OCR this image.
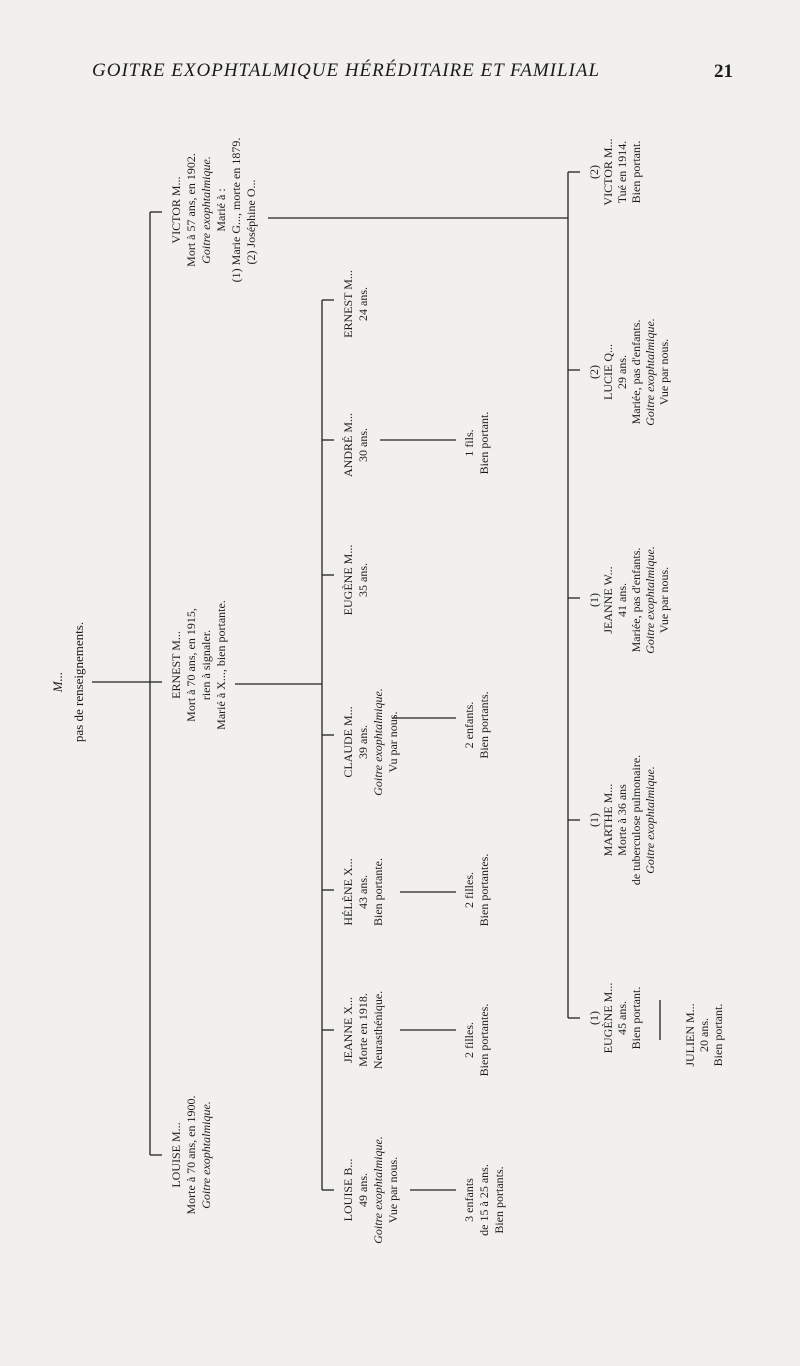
GOITRE EXOPHTALMIQUE HÉRÉDITAIRE ET FAMILIAL	21
M... pas de renseignements.
LOUISE M... Morte à 70 ans, en 1900. Goitre exophtalmique.
ERNEST M... Mort à 70 ans, en 1915, rien à signaler. Marié à X..., bien portante.
VICTOR M... Mort à 57 ans, en 1902. Goitre exophtalmique. Marié à : (1) Marie G..., morte en 1879. (2) Joséphine O...
LOUISE B... 49 ans. Goitre exophtalmique. Vue par nous.
JEANNE X... Morte en 1918. Neurasthénique.
HÉLÈNE X... 43 ans. Bien portante.
CLAUDE M... 39 ans. Goitre exophtalmique. Vu par nous.
EUGÈNE M... 35 ans.
ANDRÉ M... 30 ans.
ERNEST M... 24 ans.
3 enfants de 15 à 25 ans. Bien portants.
2 filles. Bien portantes.
2 filles. Bien portantes.
2 enfants. Bien portants.
1 fils. Bien portant.
(1) EUGÈNE M... 45 ans. Bien portant.
(1) MARTHE M... Morte à 36 ans de tuberculose pulmonaire. Goitre exophtalmique.
(1) JEANNE W... 41 ans. Mariée, pas d'enfants. Goitre exophtalmique. Vue par nous.
(2) LUCIE Q... 29 ans. Mariée, pas d'enfants. Goitre exophtalmique. Vue par nous.
(2) VICTOR M... Tué en 1914. Bien portant.
JULIEN M... 20 ans. Bien portant.
